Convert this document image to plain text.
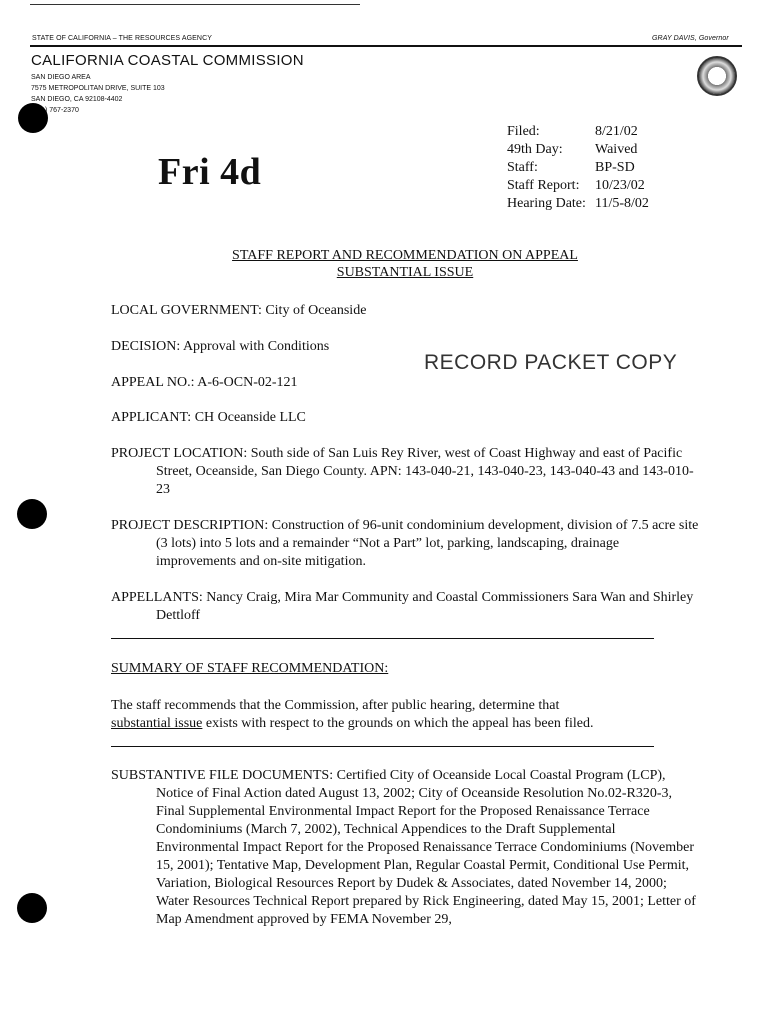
STATE OF CALIFORNIA – THE RESOURCES AGENCY	GRAY DAVIS, Governor
CALIFORNIA COASTAL COMMISSION
SAN DIEGO AREA
7575 METROPOLITAN DRIVE, SUITE 103
SAN DIEGO, CA 92108-4402
) 767-2370
Fri 4d
Filed:	8/21/02
49th Day:	Waived
Staff:	BP-SD
Staff Report:	10/23/02
Hearing Date: 11/5-8/02
STAFF REPORT AND RECOMMENDATION ON APPEAL
SUBSTANTIAL ISSUE
RECORD PACKET COPY
LOCAL GOVERNMENT: City of Oceanside
DECISION: Approval with Conditions
APPEAL NO.: A-6-OCN-02-121
APPLICANT: CH Oceanside LLC
PROJECT LOCATION: South side of San Luis Rey River, west of Coast Highway and east of Pacific Street, Oceanside, San Diego County. APN: 143-040-21, 143-040-23, 143-040-43 and 143-010-23
PROJECT DESCRIPTION: Construction of 96-unit condominium development, division of 7.5 acre site (3 lots) into 5 lots and a remainder “Not a Part” lot, parking, landscaping, drainage improvements and on-site mitigation.
APPELLANTS: Nancy Craig, Mira Mar Community and Coastal Commissioners Sara Wan and Shirley Dettloff
SUMMARY OF STAFF RECOMMENDATION:
The staff recommends that the Commission, after public hearing, determine that
substantial issue exists with respect to the grounds on which the appeal has been filed.
SUBSTANTIVE FILE DOCUMENTS: Certified City of Oceanside Local Coastal Program (LCP), Notice of Final Action dated August 13, 2002; City of Oceanside Resolution No.02-R320-3, Final Supplemental Environmental Impact Report for the Proposed Renaissance Terrace Condominiums (March 7, 2002), Technical Appendices to the Draft Supplemental Environmental Impact Report for the Proposed Renaissance Terrace Condominiums (November 15, 2001); Tentative Map, Development Plan, Regular Coastal Permit, Conditional Use Permit, Variation, Biological Resources Report by Dudek & Associates, dated November 14, 2000; Water Resources Technical Report prepared by Rick Engineering, dated May 15, 2001; Letter of Map Amendment approved by FEMA November 29,
